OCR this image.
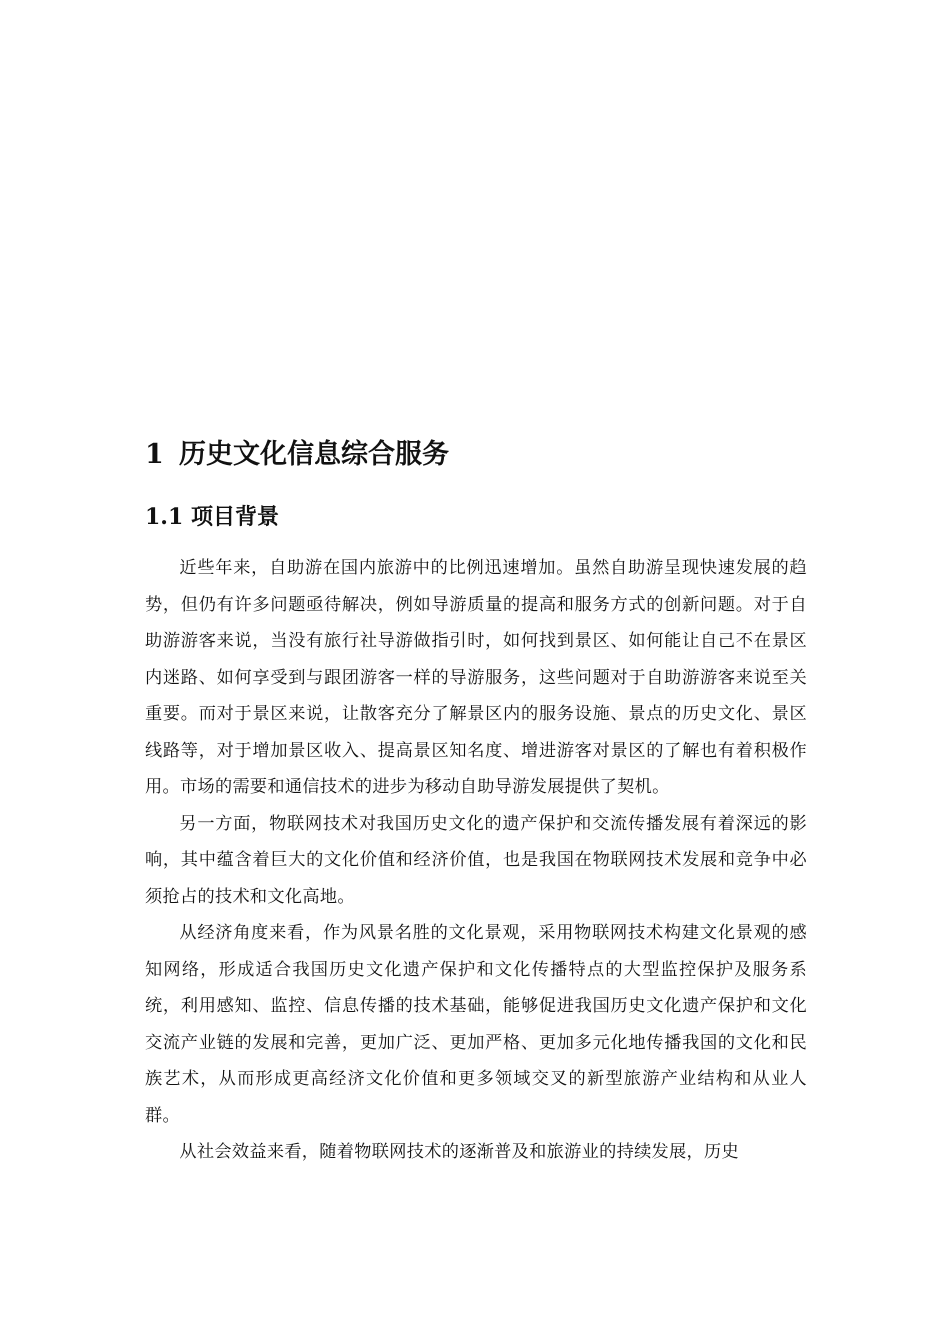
1 历史文化信息综合服务
1.1 项目背景

近些年来，自助游在国内旅游中的比例迅速增加。虽然自助游呈现快速发展的趋势，但仍有许多问题亟待解决，例如导游质量的提高和服务方式的创新问题。对于自助游游客来说，当没有旅行社导游做指引时，如何找到景区、如何能让自己不在景区内迷路、如何享受到与跟团游客一样的导游服务，这些问题对于自助游游客来说至关重要。而对于景区来说，让散客充分了解景区内的服务设施、景点的历史文化、景区线路等，对于增加景区收入、提高景区知名度、增进游客对景区的了解也有着积极作用。市场的需要和通信技术的进步为移动自助导游发展提供了契机。

另一方面，物联网技术对我国历史文化的遗产保护和交流传播发展有着深远的影响，其中蕴含着巨大的文化价值和经济价值，也是我国在物联网技术发展和竞争中必须抢占的技术和文化高地。

从经济角度来看，作为风景名胜的文化景观，采用物联网技术构建文化景观的感知网络，形成适合我国历史文化遗产保护和文化传播特点的大型监控保护及服务系统，利用感知、监控、信息传播的技术基础，能够促进我国历史文化遗产保护和文化交流产业链的发展和完善，更加广泛、更加严格、更加多元化地传播我国的文化和民族艺术，从而形成更高经济文化价值和更多领域交叉的新型旅游产业结构和从业人群。

从社会效益来看，随着物联网技术的逐渐普及和旅游业的持续发展，历史
